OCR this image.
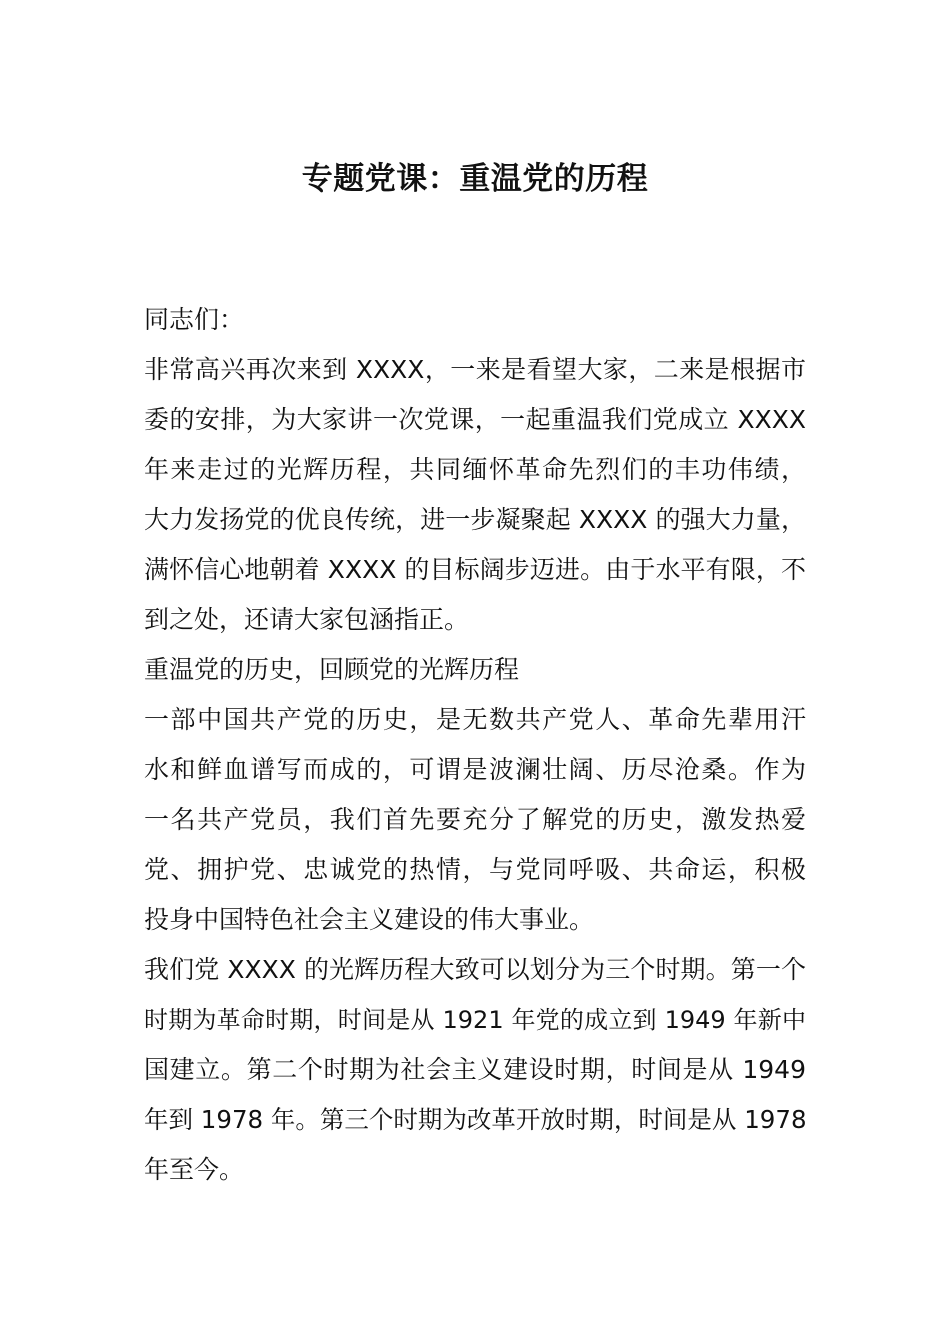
专题党课：重温党的历程
同志们：
非常高兴再次来到 XXXX，一来是看望大家，二来是根据市
委的安排，为大家讲一次党课，一起重温我们党成立 XXXX
年来走过的光辉历程，共同缅怀革命先烈们的丰功伟绩，
大力发扬党的优良传统，进一步凝聚起 XXXX 的强大力量，
满怀信心地朝着 XXXX 的目标阔步迈进。由于水平有限，不
到之处，还请大家包涵指正。
重温党的历史，回顾党的光辉历程
一部中国共产党的历史，是无数共产党人、革命先辈用汗
水和鲜血谱写而成的，可谓是波澜壮阔、历尽沧桑。作为
一名共产党员，我们首先要充分了解党的历史，激发热爱
党、拥护党、忠诚党的热情，与党同呼吸、共命运，积极
投身中国特色社会主义建设的伟大事业。
我们党 XXXX 的光辉历程大致可以划分为三个时期。第一个
时期为革命时期，时间是从 1921 年党的成立到 1949 年新中
国建立。第二个时期为社会主义建设时期，时间是从 1949
年到 1978 年。第三个时期为改革开放时期，时间是从 1978
年至今。
